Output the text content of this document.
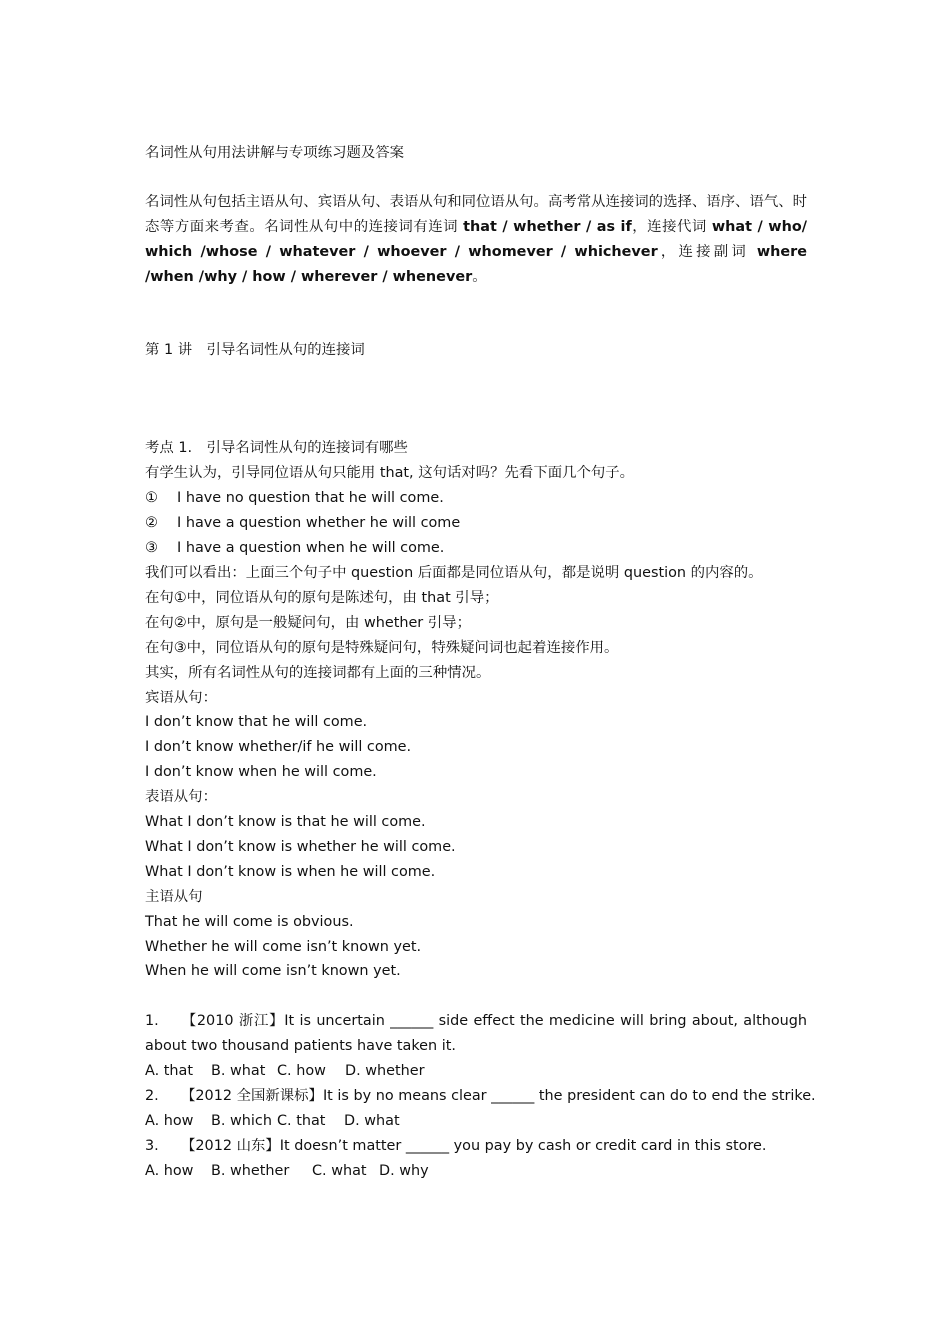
名词性从句用法讲解与专项练习题及答案
名词性从句包括主语从句、宾语从句、表语从句和同位语从句。高考常从连接词的选择、语序、语气、时态等方面来考查。名词性从句中的连接词有连词 that / whether / as if，连接代词 what / who/ which /whose / whatever / whoever / whomever / whichever，连接副词 where /when /why / how / wherever / whenever。
第 1 讲　引导名词性从句的连接词
考点 1.　引导名词性从句的连接词有哪些
有学生认为，引导同位语从句只能用 that, 这句话对吗？先看下面几个句子。
① I have no question that he will come.
② I have a question whether he will come
③ I have a question when he will come.
我们可以看出：上面三个句子中 question 后面都是同位语从句，都是说明 question 的内容的。
在句①中，同位语从句的原句是陈述句，由 that 引导；
在句②中，原句是一般疑问句，由 whether 引导；
在句③中，同位语从句的原句是特殊疑问句，特殊疑问词也起着连接作用。
其实，所有名词性从句的连接词都有上面的三种情况。
宾语从句：
I don’t know that he will come.
I don’t know whether/if he will come.
I don’t know when he will come.
表语从句：
What I don’t know is that he will come.
What I don’t know is whether he will come.
What I don’t know is when he will come.
主语从句
That he will come is obvious.
Whether he will come isn’t known yet.
When he will come isn’t known yet.
1. 【2010 浙江】It is uncertain ______ side effect the medicine will bring about, although about two thousand patients have taken it.
A. that B. what C. how D. whether
2. 【2012 全国新课标】It is by no means clear ______ the president can do to end the strike.
A. how B. which C. that D. what
3. 【2012 山东】It doesn’t matter ______ you pay by cash or credit card in this store.
A. how B. whether C. what D. why
